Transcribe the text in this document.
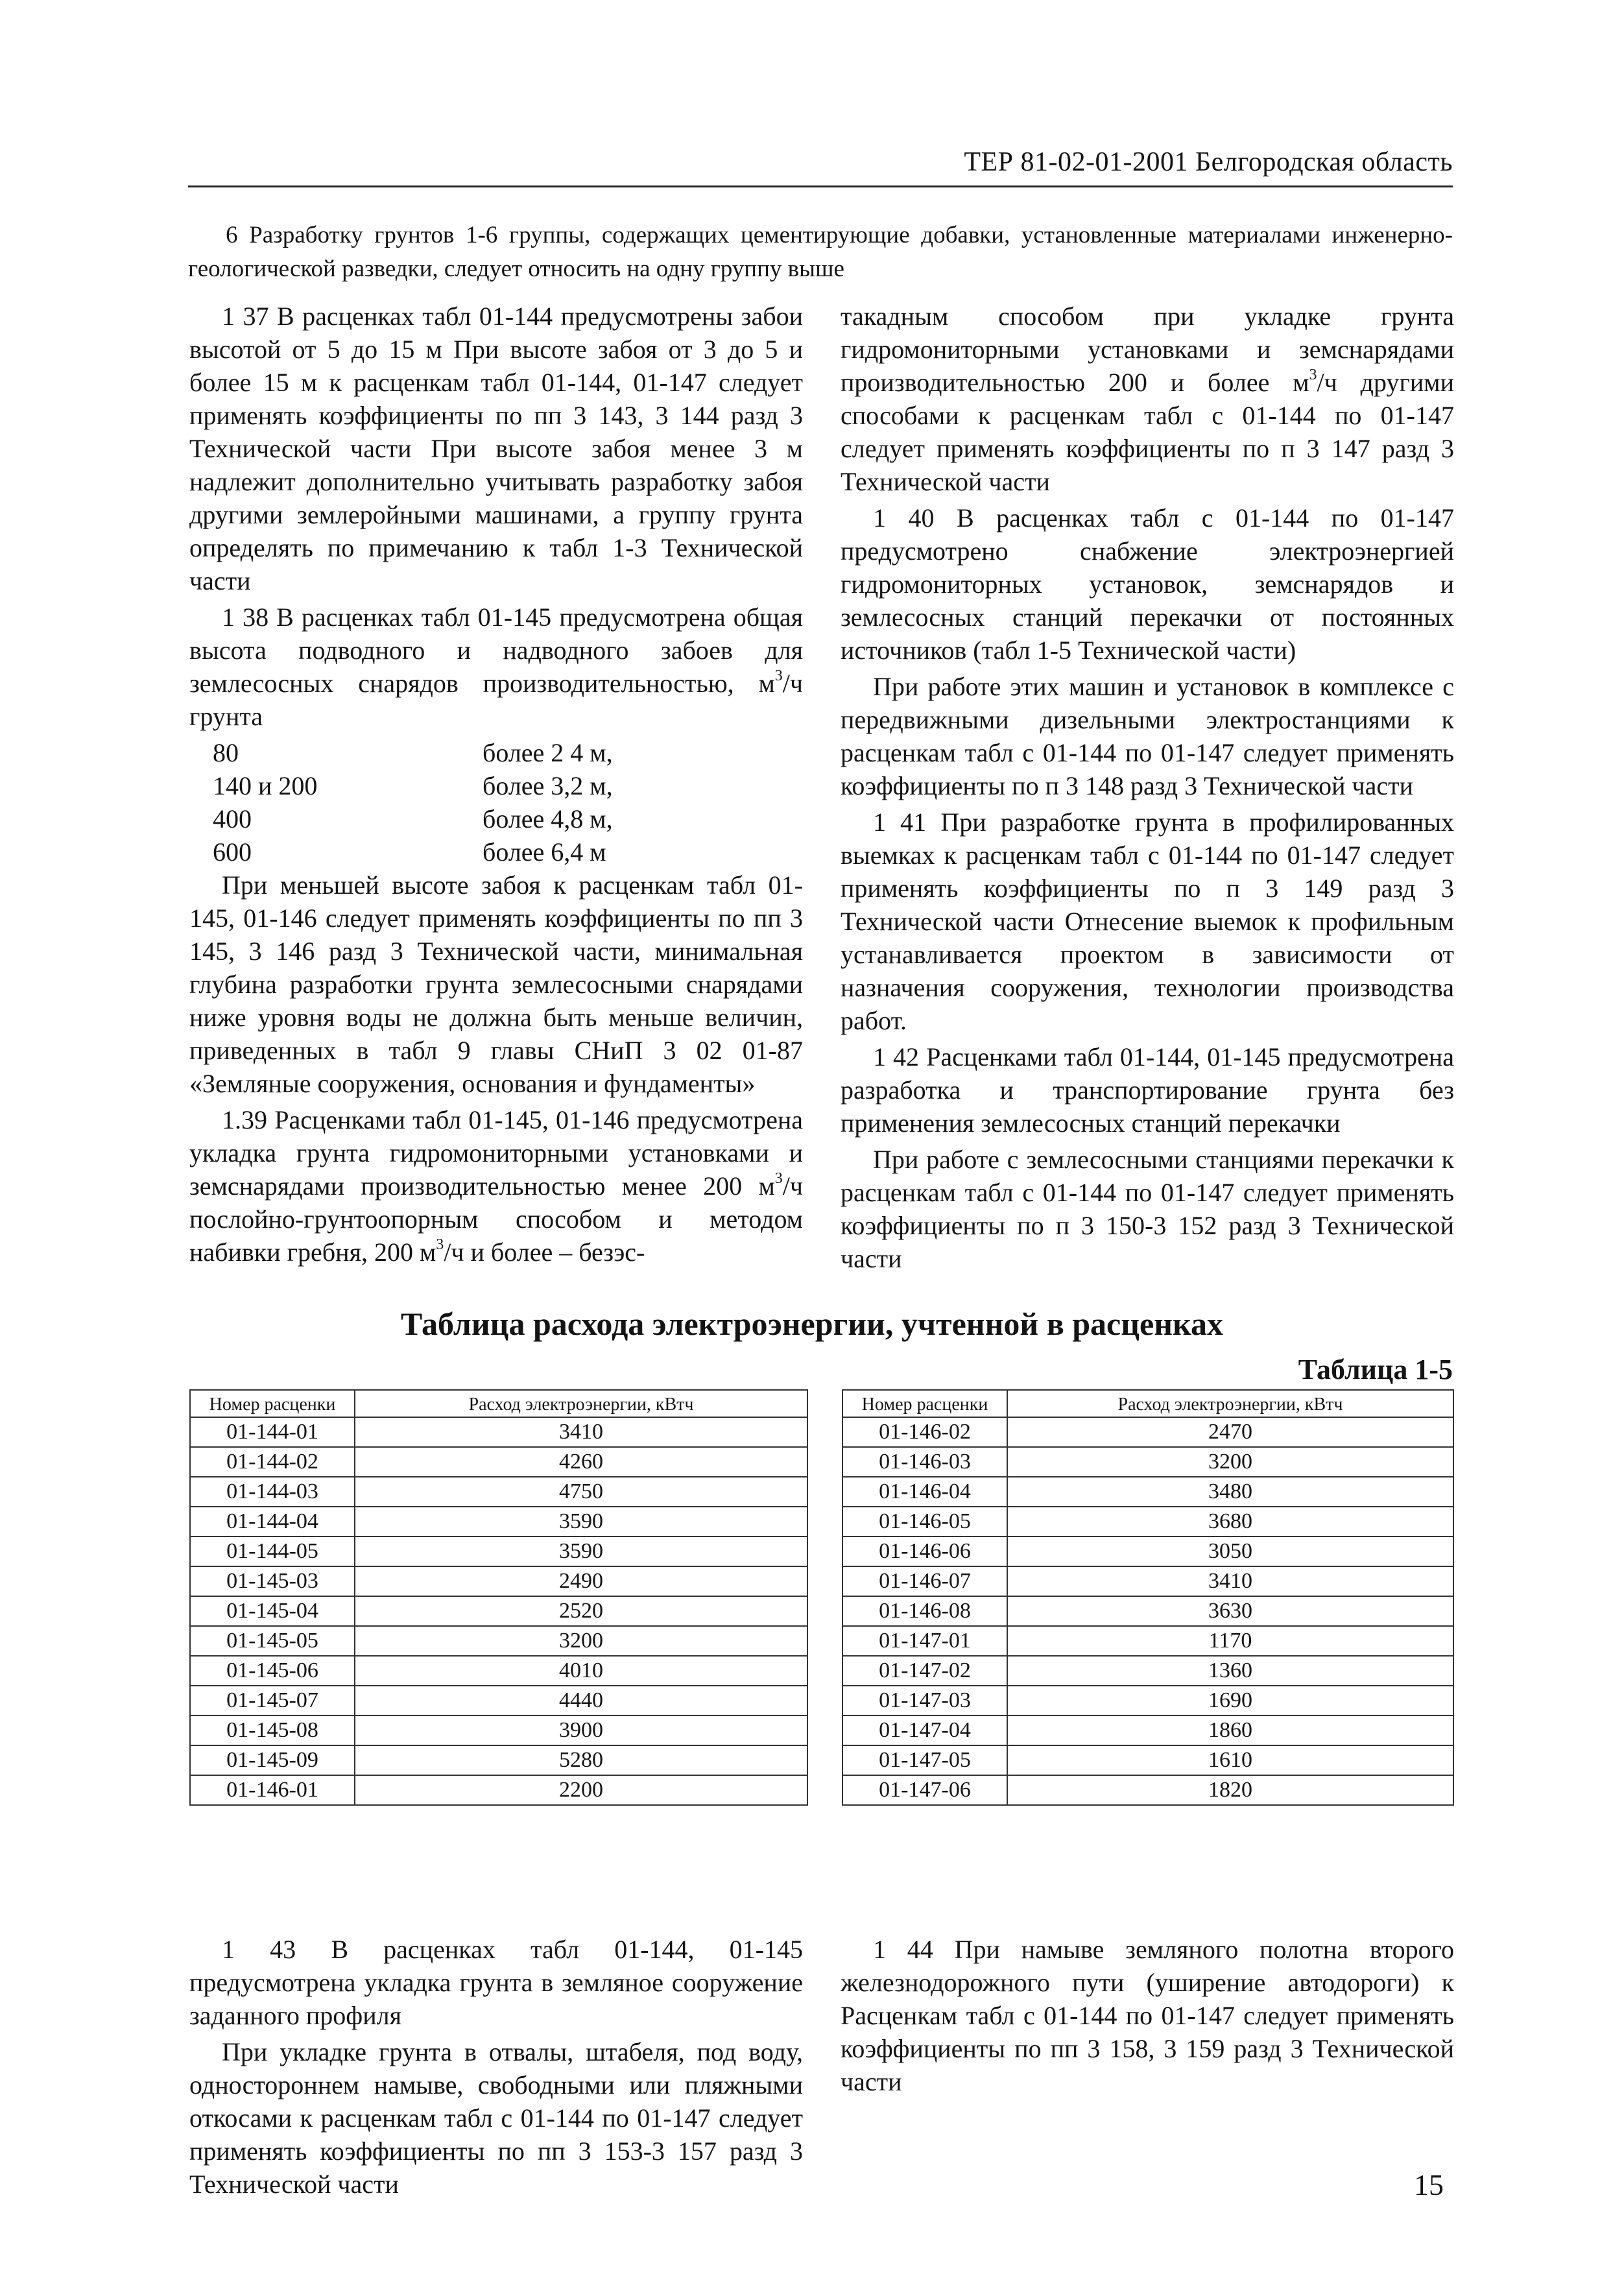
ТЕР 81-02-01-2001 Белгородская область

6 Разработку грунтов 1-6 группы, содержащих цементирующие добавки, установленные материалами инженерно-геологической разведки, следует относить на одну группу выше

1 37 В расценках табл 01-144 предусмотрены забои высотой от 5 до 15 м При высоте забоя от 3 до 5 и более 15 м к расценкам табл 01-144, 01-147 следует применять коэффициенты по пп 3 143, 3 144 разд 3 Технической части При высоте забоя менее 3 м надлежит дополнительно учитывать разработку забоя другими землеройными машинами, а группу грунта определять по примечанию к табл 1-3 Технической части

1 38 В расценках табл 01-145 предусмотрена общая высота подводного и надводного забоев для землесосных снарядов производительностью, $м^3/ч$ грунта

80	более 2 4 м,
140 и 200	более 3,2 м,
400	более 4,8 м,
600	более 6,4 м

При меньшей высоте забоя к расценкам табл 01-145, 01-146 следует применять коэффициенты по пп 3 145, 3 146 разд 3 Технической части, минимальная глубина разработки грунта землесосными снарядами ниже уровня воды не должна быть меньше величин, приведенных в табл 9 главы СНиП 3 02 01-87 «Земляные сооружения, основания и фундаменты»

1.39 Расценками табл 01-145, 01-146 предусмотрена укладка грунта гидромониторными установками и земснарядами производительностью менее 200 $м^3/ч$ послойно-грунтоопорным способом и методом набивки гребня, 200 $м^3/ч$ и более – безэс-

такадным способом при укладке грунта гидромониторными установками и земснарядами производительностью 200 и более $м^3/ч$ другими способами к расценкам табл с 01-144 по 01-147 следует применять коэффициенты по п 3 147 разд 3 Технической части

1 40 В расценках табл с 01-144 по 01-147 предусмотрено снабжение электроэнергией гидромониторных установок, земснарядов и землесосных станций перекачки от постоянных источников (табл 1-5 Технической части)

При работе этих машин и установок в комплексе с передвижными дизельными электростанциями к расценкам табл с 01-144 по 01-147 следует применять коэффициенты по п 3 148 разд 3 Технической части

1 41 При разработке грунта в профилированных выемках к расценкам табл с 01-144 по 01-147 следует применять коэффициенты по п 3 149 разд 3 Технической части Отнесение выемок к профильным устанавливается проектом в зависимости от назначения сооружения, технологии производства работ.

1 42 Расценками табл 01-144, 01-145 предусмотрена разработка и транспортирование грунта без применения землесосных станций перекачки

При работе с землесосными станциями перекачки к расценкам табл с 01-144 по 01-147 следует применять коэффициенты по п 3 150-3 152 разд 3 Технической части

Таблица расхода электроэнергии, учтенной в расценках
Таблица 1-5
Номер расценки	Расход электроэнергии, кВтч
01-144-01	3410
01-144-02	4260
01-144-03	4750
01-144-04	3590
01-144-05	3590
01-145-03	2490
01-145-04	2520
01-145-05	3200
01-145-06	4010
01-145-07	4440
01-145-08	3900
01-145-09	5280
01-146-01	2200
Номер расценки	Расход электроэнергии, кВтч
01-146-02	2470
01-146-03	3200
01-146-04	3480
01-146-05	3680
01-146-06	3050
01-146-07	3410
01-146-08	3630
01-147-01	1170
01-147-02	1360
01-147-03	1690
01-147-04	1860
01-147-05	1610
01-147-06	1820

1 43 В расценках табл 01-144, 01-145 предусмотрена укладка грунта в земляное сооружение заданного профиля

При укладке грунта в отвалы, штабеля, под воду, одностороннем намыве, свободными или пляжными откосами к расценкам табл с 01-144 по 01-147 следует применять коэффициенты по пп 3 153-3 157 разд 3 Технической части

1 44 При намыве земляного полотна второго железнодорожного пути (уширение автодороги) к Расценкам табл с 01-144 по 01-147 следует применять коэффициенты по пп 3 158, 3 159 разд 3 Технической части

15
